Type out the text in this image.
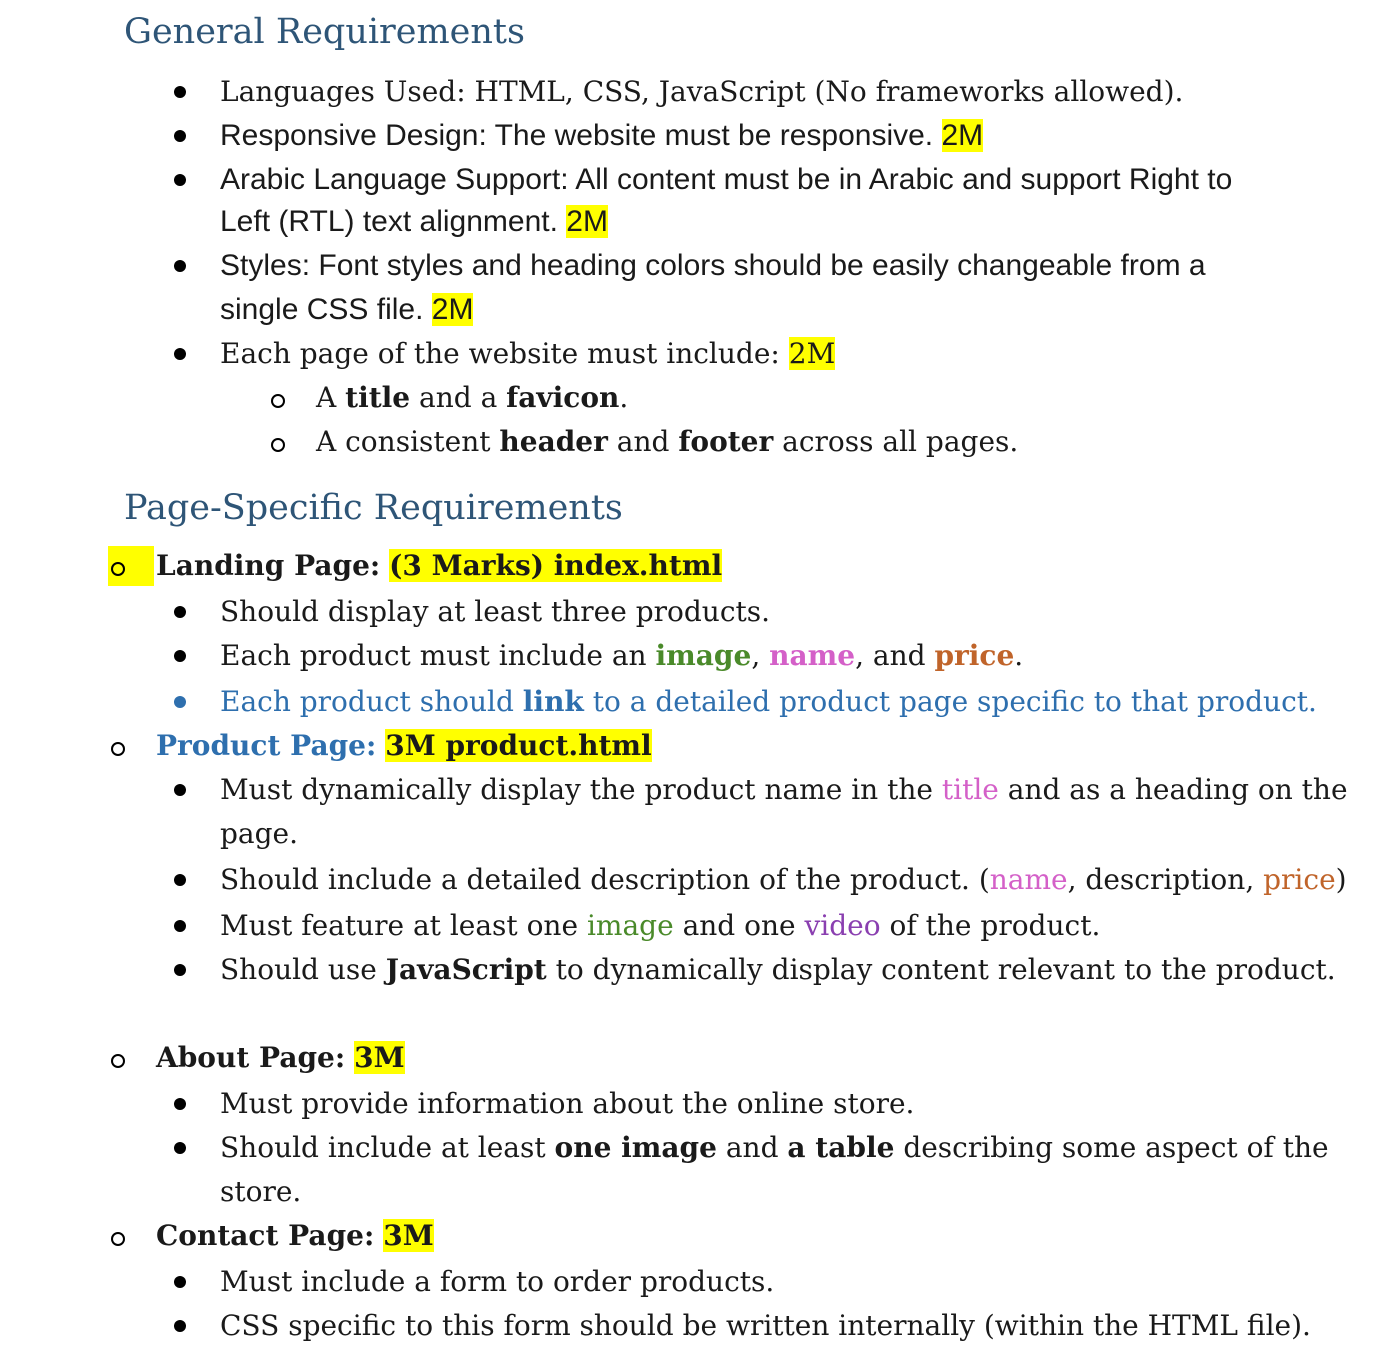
General Requirements
Languages Used: HTML, CSS, JavaScript (No frameworks allowed).
Responsive Design: The website must be responsive. 2M
Arabic Language Support: All content must be in Arabic and support Right to
Left (RTL) text alignment. 2M
Styles: Font styles and heading colors should be easily changeable from a
single CSS file. 2M
Each page of the website must include: 2M
A title and a favicon.
A consistent header and footer across all pages.
Page-Specific Requirements
Landing Page: (3 Marks) index.html
Should display at least three products.
Each product must include an image, name, and price.
Each product should link to a detailed product page specific to that product.
Product Page: 3M product.html
Must dynamically display the product name in the title and as a heading on the
page.
Should include a detailed description of the product. (name, description, price)
Must feature at least one image and one video of the product.
Should use JavaScript to dynamically display content relevant to the product.
About Page: 3M
Must provide information about the online store.
Should include at least one image and a table describing some aspect of the
store.
Contact Page: 3M
Must include a form to order products.
CSS specific to this form should be written internally (within the HTML file).
